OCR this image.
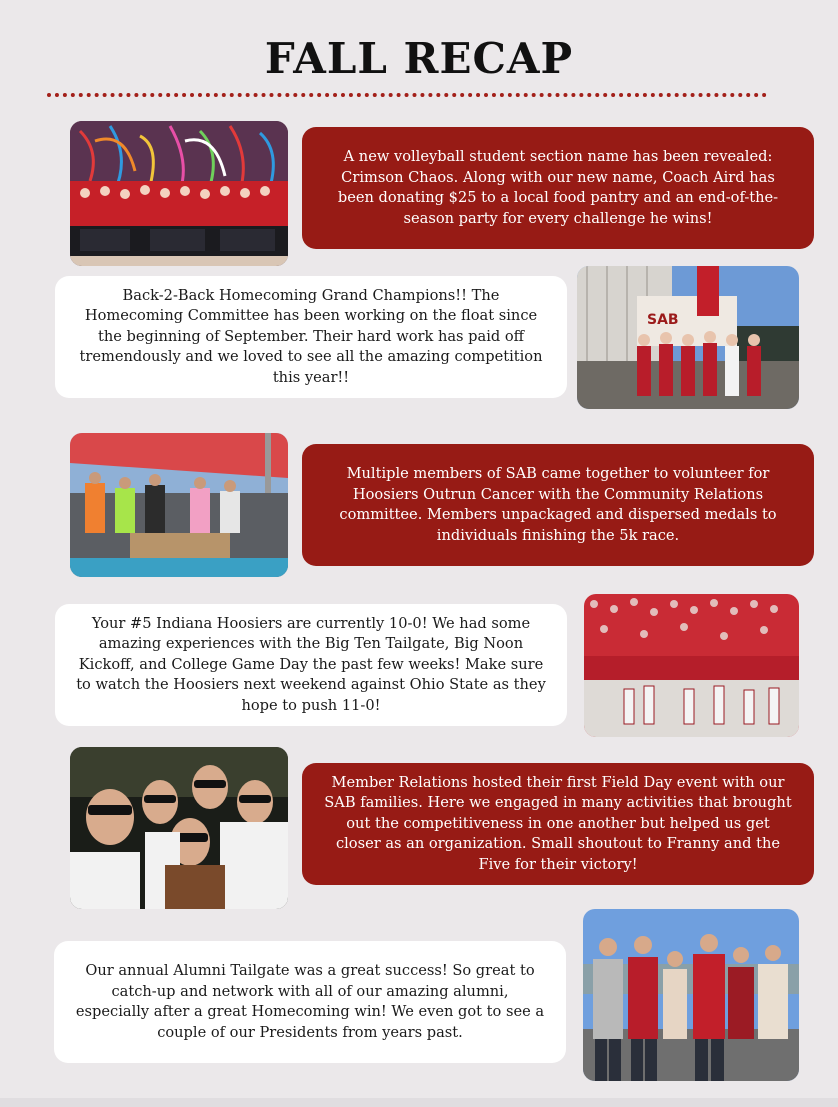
FALL RECAP

A new volleyball student section name has been revealed: Crimson Chaos. Along with our new name, Coach Aird has been donating $25 to a local food pantry and an end-of-the-season party for every challenge he wins!

Back-2-Back Homecoming Grand Champions!! The Homecoming Committee has been working on the float since the beginning of September. Their hard work has paid off tremendously and we loved to see all the amazing competition this year!!

SAB

Multiple members of SAB came together to volunteer for Hoosiers Outrun Cancer with the Community Relations committee. Members unpackaged and dispersed medals to individuals finishing the 5k race.

Your #5 Indiana Hoosiers are currently 10-0! We had some amazing experiences with the Big Ten Tailgate, Big Noon Kickoff, and College Game Day the past few weeks! Make sure to watch the Hoosiers next weekend against Ohio State as they hope to push 11-0!

Member Relations hosted their first Field Day event with our SAB families. Here we engaged in many activities that brought out the competitiveness in one another but helped us get closer as an organization. Small shoutout to Franny and the Five for their victory!

Our annual Alumni Tailgate was a great success! So great to catch-up and network with all of our amazing alumni, especially after a great Homecoming win! We even got to see a couple of our Presidents from years past.
